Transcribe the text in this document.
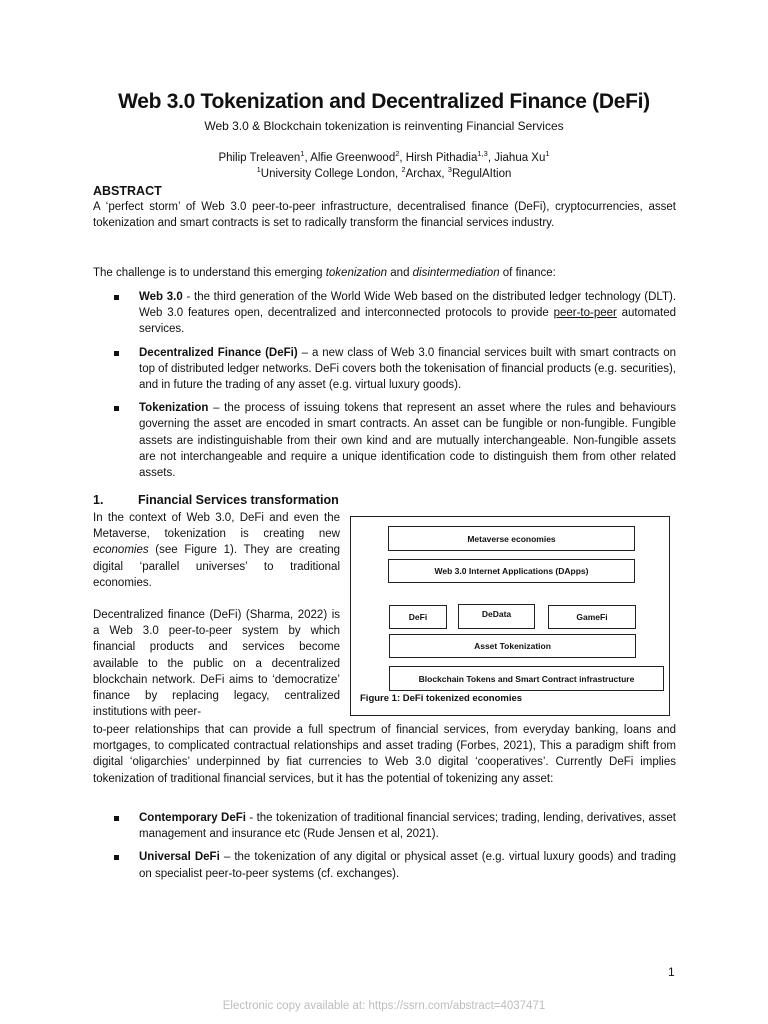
Web 3.0 Tokenization and Decentralized Finance (DeFi)
Web 3.0 & Blockchain tokenization is reinventing Financial Services
Philip Treleaven$^1$, Alfie Greenwood$^2$, Hirsh Pithadia$^{1,3}$, Jiahua Xu$^1$
$^1$University College London, $^2$Archax, $^3$RegulAItion
ABSTRACT
A ‘perfect storm’ of Web 3.0 peer-to-peer infrastructure, decentralised finance (DeFi), cryptocurrencies, asset tokenization and smart contracts is set to radically transform the financial services industry.
The challenge is to understand this emerging tokenization and disintermediation of finance:
Web 3.0 - the third generation of the World Wide Web based on the distributed ledger technology (DLT). Web 3.0 features open, decentralized and interconnected protocols to provide peer-to-peer automated services.
Decentralized Finance (DeFi) – a new class of Web 3.0 financial services built with smart contracts on top of distributed ledger networks. DeFi covers both the tokenisation of financial products (e.g. securities), and in future the trading of any asset (e.g. virtual luxury goods).
Tokenization – the process of issuing tokens that represent an asset where the rules and behaviours governing the asset are encoded in smart contracts. An asset can be fungible or non-fungible. Fungible assets are indistinguishable from their own kind and are mutually interchangeable. Non-fungible assets are not interchangeable and require a unique identification code to distinguish them from other related assets.
1.	Financial Services transformation
In the context of Web 3.0, DeFi and even the Metaverse, tokenization is creating new economies (see Figure 1). They are creating digital ‘parallel universes’ to traditional economies.
Decentralized finance (DeFi) (Sharma, 2022) is a Web 3.0 peer-to-peer system by which financial products and services become available to the public on a decentralized blockchain network. DeFi aims to ‘democratize’ finance by replacing legacy, centralized institutions with peer-
to-peer relationships that can provide a full spectrum of financial services, from everyday banking, loans and mortgages, to complicated contractual relationships and asset trading (Forbes, 2021), This a paradigm shift from digital ‘oligarchies’ underpinned by fiat currencies to Web 3.0 digital ‘cooperatives’. Currently DeFi implies tokenization of traditional financial services, but it has the potential of tokenizing any asset:
Contemporary DeFi - the tokenization of traditional financial services; trading, lending, derivatives, asset management and insurance etc (Rude Jensen et al, 2021).
Universal DeFi – the tokenization of any digital or physical asset (e.g. virtual luxury goods) and trading on specialist peer-to-peer systems (cf. exchanges).
Metaverse economies
Web 3.0 Internet Applications (DApps)
DeFi	DeData	GameFi
Asset Tokenization
Blockchain Tokens and Smart Contract infrastructure
Figure 1: DeFi tokenized economies
1
Electronic copy available at: https://ssrn.com/abstract=4037471
